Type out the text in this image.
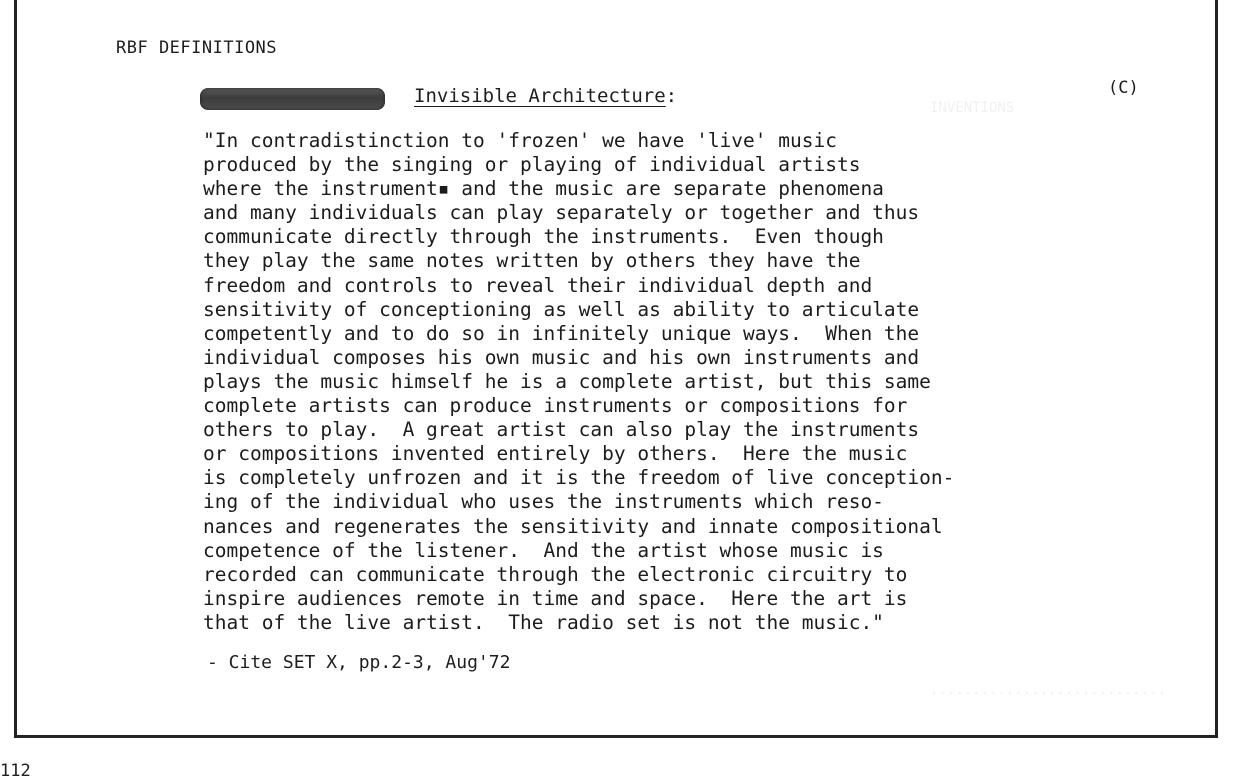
INVENTIONS
............................
RBF DEFINITIONS
Invisible Architecture:	(C)
"In contradistinction to 'frozen' we have 'live' music
produced by the singing or playing of individual artists
where the instrument▪ and the music are separate phenomena
and many individuals can play separately or together and thus
communicate directly through the instruments.  Even though
they play the same notes written by others they have the
freedom and controls to reveal their individual depth and
sensitivity of conceptioning as well as ability to articulate
competently and to do so in infinitely unique ways.  When the
individual composes his own music and his own instruments and
plays the music himself he is a complete artist, but this same
complete artists can produce instruments or compositions for
others to play.  A great artist can also play the instruments
or compositions invented entirely by others.  Here the music
is completely unfrozen and it is the freedom of live conception-
ing of the individual who uses the instruments which reso-
nances and regenerates the sensitivity and innate compositional
competence of the listener.  And the artist whose music is
recorded can communicate through the electronic circuitry to
inspire audiences remote in time and space.  Here the art is
that of the live artist.  The radio set is not the music."
- Cite SET X, pp.2-3, Aug'72
112
